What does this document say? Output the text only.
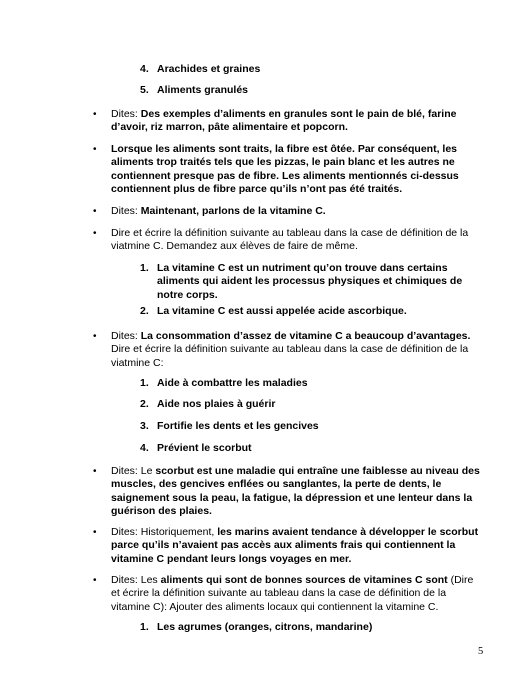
4. Arachides et graines

5. Aliments granulés

• Dites: Des exemples d’aliments en granules sont le pain de blé, farine d’avoir, riz marron, pâte alimentaire et popcorn.

• Lorsque les aliments sont traits, la fibre est ôtée. Par conséquent, les aliments trop traités tels que les pizzas, le pain blanc et les autres ne contiennent presque pas de fibre. Les aliments mentionnés ci-dessus contiennent plus de fibre parce qu’ils n’ont pas été traités.

• Dites: Maintenant, parlons de la vitamine C.

• Dire et écrire la définition suivante au tableau dans la case de définition de la viatmine C. Demandez aux élèves de faire de même.

1. La vitamine C est un nutriment qu’on trouve dans certains aliments qui aident les processus physiques et chimiques de notre corps.

2. La vitamine C est aussi appelée acide ascorbique.

• Dites: La consommation d’assez de vitamine C a beaucoup d’avantages. Dire et écrire la définition suivante au tableau dans la case de définition de la viatmine C:

1. Aide à combattre les maladies

2. Aide nos plaies à guérir

3. Fortifie les dents et les gencives

4. Prévient le scorbut

• Dites: Le scorbut est une maladie qui entraîne une faiblesse au niveau des muscles, des gencives enflées ou sanglantes, la perte de dents, le saignement sous la peau, la fatigue, la dépression et une lenteur dans la guérison des plaies.

• Dites: Historiquement, les marins avaient tendance à développer le scorbut parce qu’ils n’avaient pas accès aux aliments frais qui contiennent la vitamine C pendant leurs longs voyages en mer.

• Dites: Les aliments qui sont de bonnes sources de vitamines C sont (Dire et écrire la définition suivante au tableau dans la case de définition de la vitamine C): Ajouter des aliments locaux qui contiennent la vitamine C.

1. Les agrumes (oranges, citrons, mandarine)

5
